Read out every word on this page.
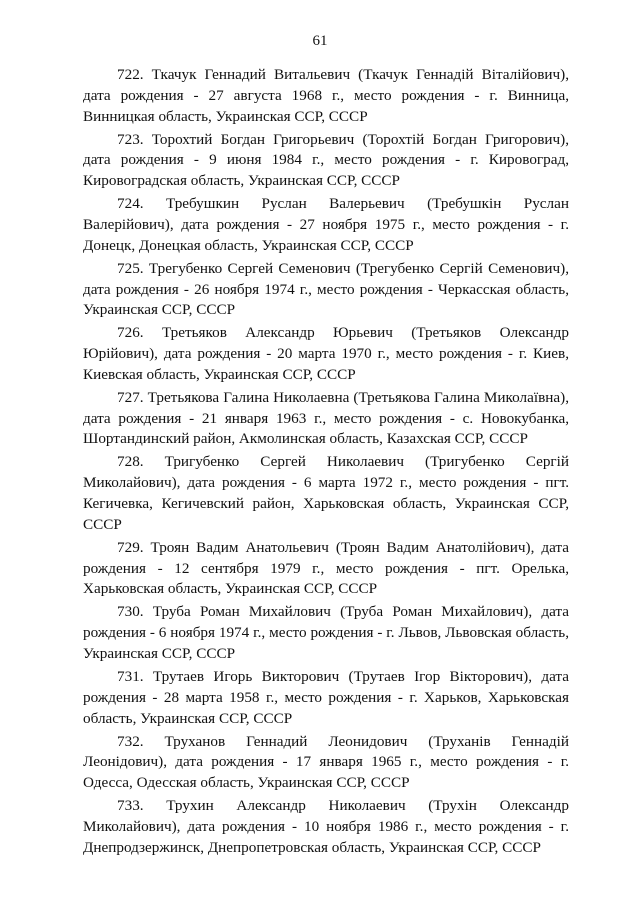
61

722. Ткачук Геннадий Витальевич (Ткачук Геннадій Віталійович), дата рождения - 27 августа 1968 г., место рождения - г. Винница, Винницкая область, Украинская ССР, СССР

723. Торохтий Богдан Григорьевич (Торохтій Богдан Григорович), дата рождения - 9 июня 1984 г., место рождения - г. Кировоград, Кировоградская область, Украинская ССР, СССР

724. Требушкин Руслан Валерьевич (Требушкін Руслан Валерійович), дата рождения - 27 ноября 1975 г., место рождения - г. Донецк, Донецкая область, Украинская ССР, СССР

725. Трегубенко Сергей Семенович (Трегубенко Сергій Семенович), дата рождения - 26 ноября 1974 г., место рождения - Черкасская область, Украинская ССР, СССР

726. Третьяков Александр Юрьевич (Третьяков Олександр Юрійович), дата рождения - 20 марта 1970 г., место рождения - г. Киев, Киевская область, Украинская ССР, СССР

727. Третьякова Галина Николаевна (Третьякова Галина Миколаївна), дата рождения - 21 января 1963 г., место рождения - с. Новокубанка, Шортандинский район, Акмолинская область, Казахская ССР, СССР

728. Тригубенко Сергей Николаевич (Тригубенко Сергій Миколайович), дата рождения - 6 марта 1972 г., место рождения - пгт. Кегичевка, Кегичевский район, Харьковская область, Украинская ССР, СССР

729. Троян Вадим Анатольевич (Троян Вадим Анатолійович), дата рождения - 12 сентября 1979 г., место рождения - пгт. Орелька, Харьковская область, Украинская ССР, СССР

730. Труба Роман Михайлович (Труба Роман Михайлович), дата рождения - 6 ноября 1974 г., место рождения - г. Львов, Львовская область, Украинская ССР, СССР

731. Трутаев Игорь Викторович (Трутаев Ігор Вікторович), дата рождения - 28 марта 1958 г., место рождения - г. Харьков, Харьковская область, Украинская ССР, СССР

732. Труханов Геннадий Леонидович (Труханів Геннадій Леонідович), дата рождения - 17 января 1965 г., место рождения - г. Одесса, Одесская область, Украинская ССР, СССР

733. Трухин Александр Николаевич (Трухін Олександр Миколайович), дата рождения - 10 ноября 1986 г., место рождения - г. Днепродзержинск, Днепропетровская область, Украинская ССР, СССР
